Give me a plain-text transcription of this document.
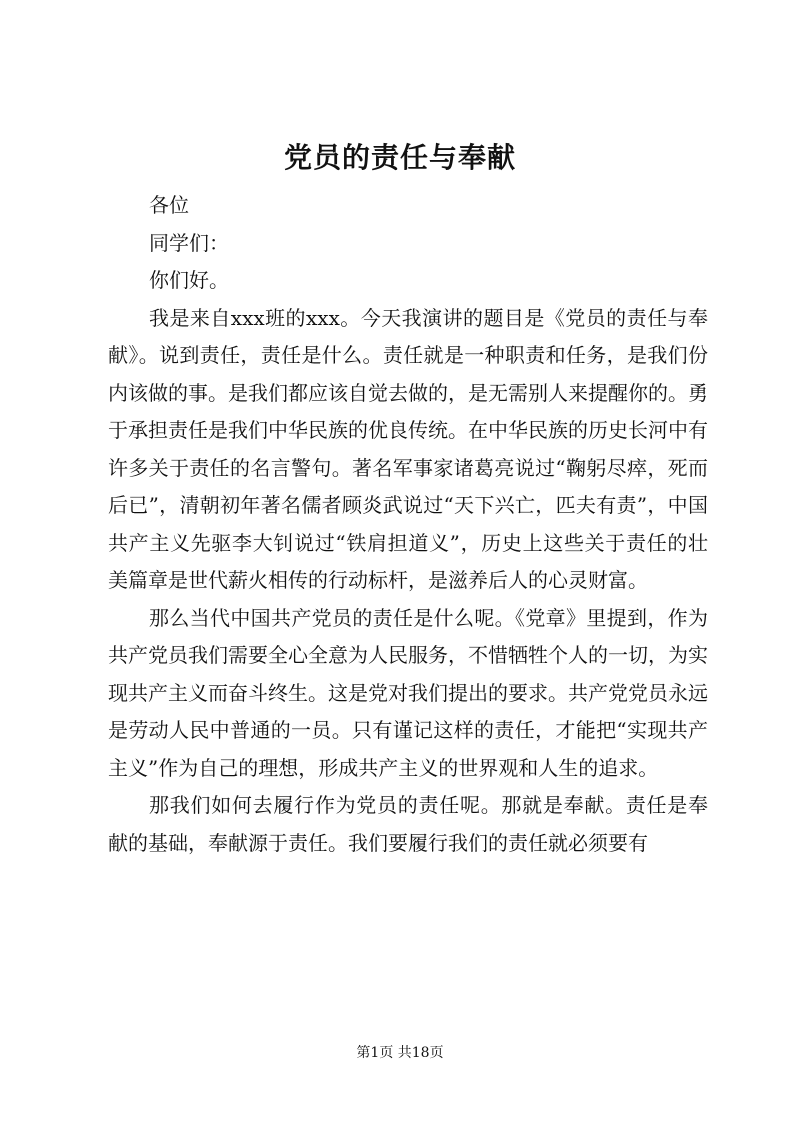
党员的责任与奉献

各位

同学们：

你们好。

我是来自xxx班的xxx。今天我演讲的题目是《党员的责任与奉献》。说到责任，责任是什么。责任就是一种职责和任务，是我们份内该做的事。是我们都应该自觉去做的，是无需别人来提醒你的。勇于承担责任是我们中华民族的优良传统。在中华民族的历史长河中有许多关于责任的名言警句。著名军事家诸葛亮说过“鞠躬尽瘁，死而后已”，清朝初年著名儒者顾炎武说过“天下兴亡，匹夫有责”，中国共产主义先驱李大钊说过“铁肩担道义”，历史上这些关于责任的壮美篇章是世代薪火相传的行动标杆，是滋养后人的心灵财富。

那么当代中国共产党员的责任是什么呢。《党章》里提到，作为共产党员我们需要全心全意为人民服务，不惜牺牲个人的一切，为实现共产主义而奋斗终生。这是党对我们提出的要求。共产党党员永远是劳动人民中普通的一员。只有谨记这样的责任，才能把“实现共产主义”作为自己的理想，形成共产主义的世界观和人生的追求。

那我们如何去履行作为党员的责任呢。那就是奉献。责任是奉献的基础，奉献源于责任。我们要履行我们的责任就必须要有

第1页 共18页
